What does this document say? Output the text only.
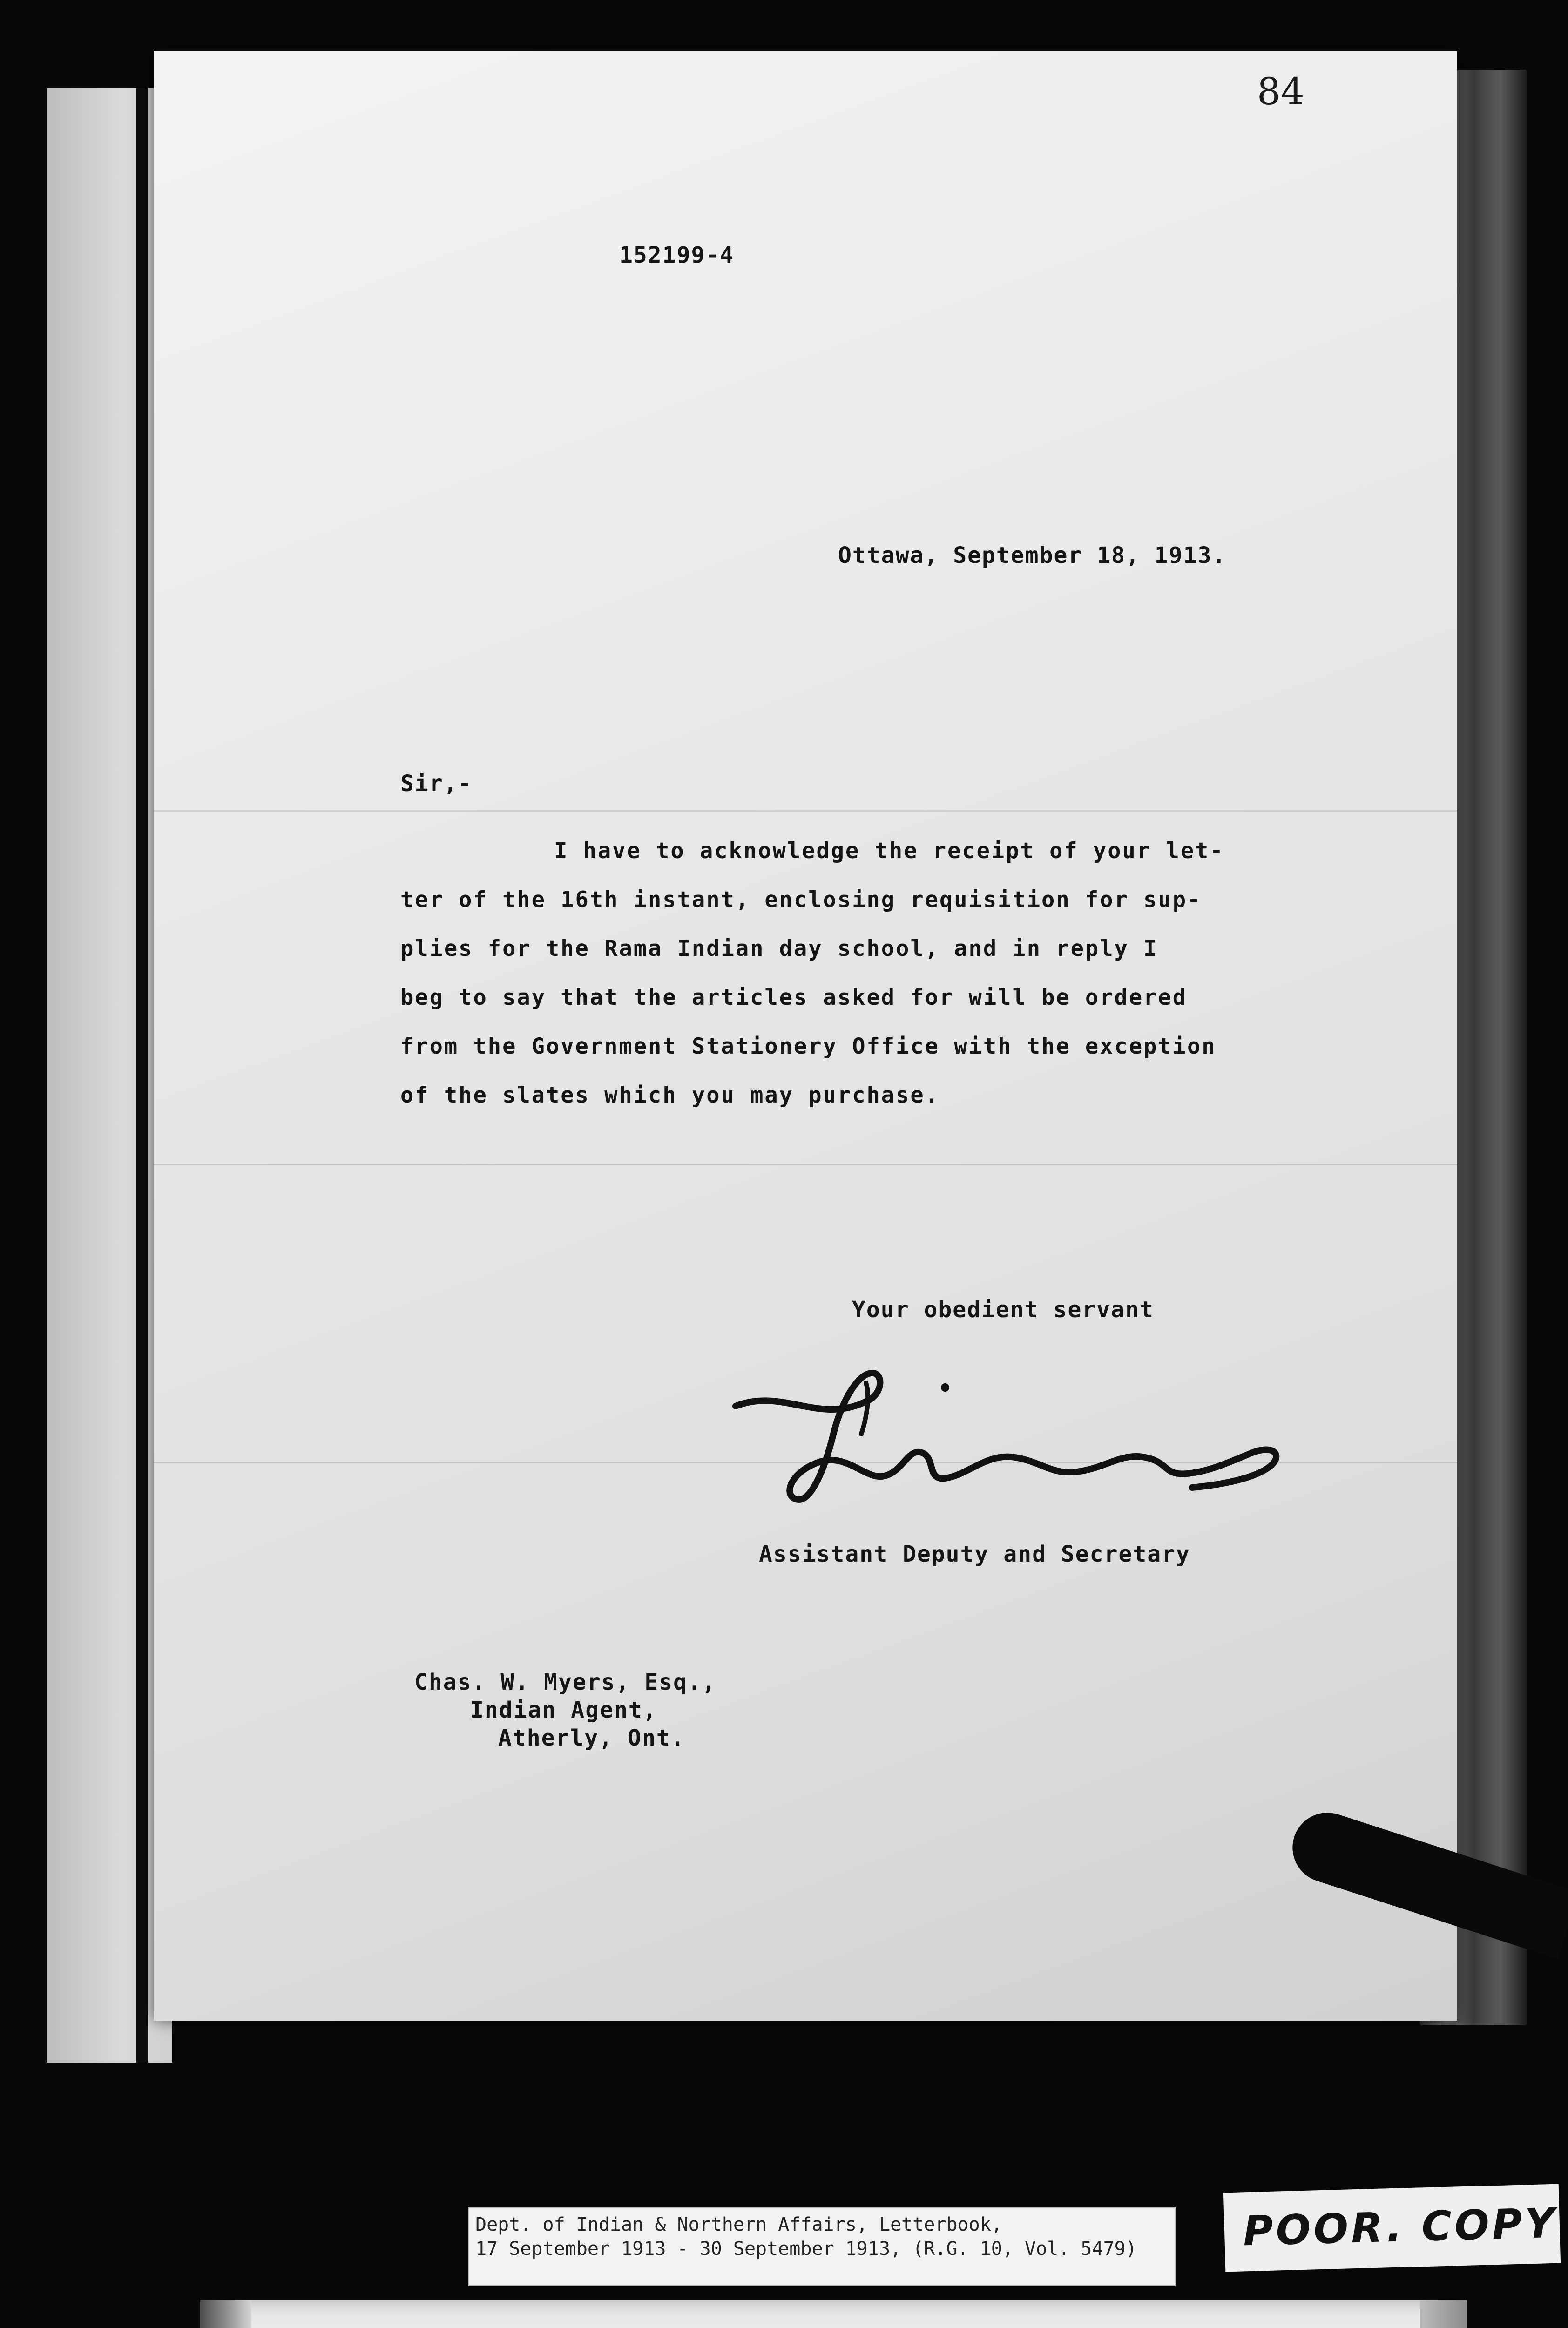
84
152199-4
Ottawa, September 18, 1913.
Sir,-
I have to acknowledge the receipt of your let-
ter of the 16th instant, enclosing requisition for sup-
plies for the Rama Indian day school, and in reply I
beg to say that the articles asked for will be ordered
from the Government Stationery Office with the exception
of the slates which you may purchase.
Your obedient servant
Assistant Deputy and Secretary
Chas. W. Myers, Esq.,
Indian Agent,
Atherly, Ont.
Dept. of Indian & Northern Affairs, Letterbook,
17 September 1913 - 30 September 1913, (R.G. 10, Vol. 5479)	POOR. COPY
